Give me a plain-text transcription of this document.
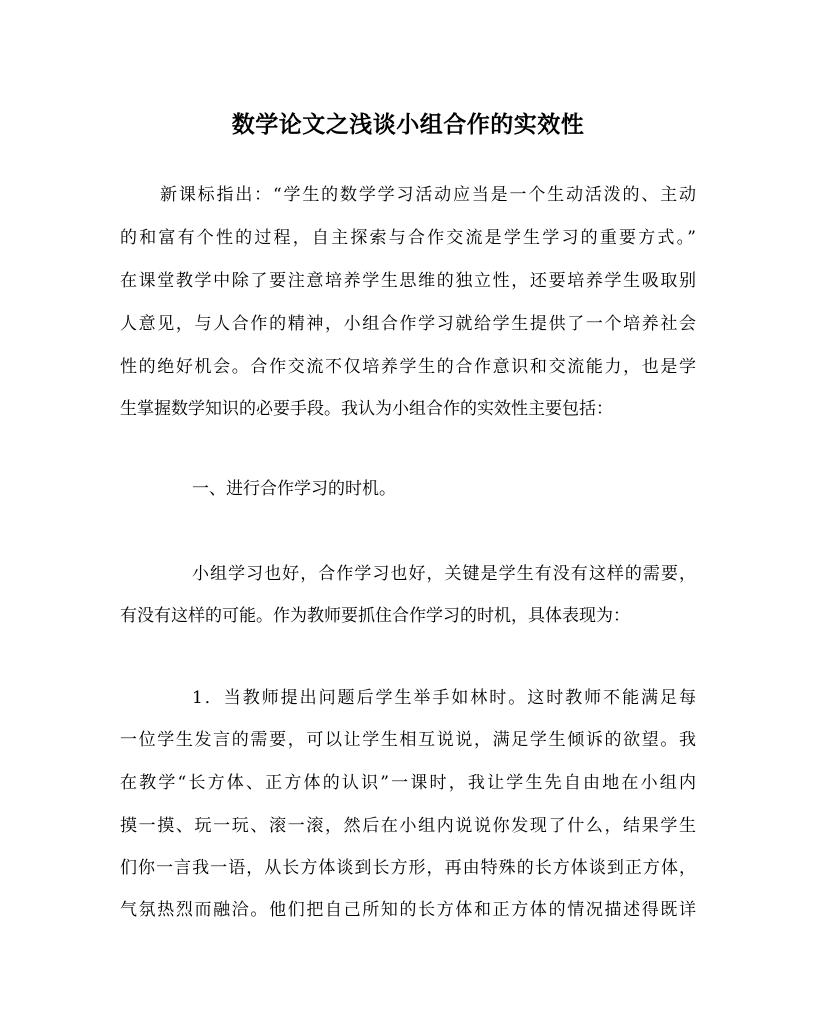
数学论文之浅谈小组合作的实效性

新课标指出：“学生的数学学习活动应当是一个生动活泼的、主动

的和富有个性的过程，自主探索与合作交流是学生学习的重要方式。”

在课堂教学中除了要注意培养学生思维的独立性，还要培养学生吸取别

人意见，与人合作的精神，小组合作学习就给学生提供了一个培养社会

性的绝好机会。合作交流不仅培养学生的合作意识和交流能力，也是学

生掌握数学知识的必要手段。我认为小组合作的实效性主要包括：

一、进行合作学习的时机。

小组学习也好，合作学习也好，关键是学生有没有这样的需要，

有没有这样的可能。作为教师要抓住合作学习的时机，具体表现为：

1．当教师提出问题后学生举手如林时。这时教师不能满足每

一位学生发言的需要，可以让学生相互说说，满足学生倾诉的欲望。我

在教学“长方体、正方体的认识”一课时，我让学生先自由地在小组内

摸一摸、玩一玩、滚一滚，然后在小组内说说你发现了什么，结果学生

们你一言我一语，从长方体谈到长方形，再由特殊的长方体谈到正方体，

气氛热烈而融洽。他们把自己所知的长方体和正方体的情况描述得既详
